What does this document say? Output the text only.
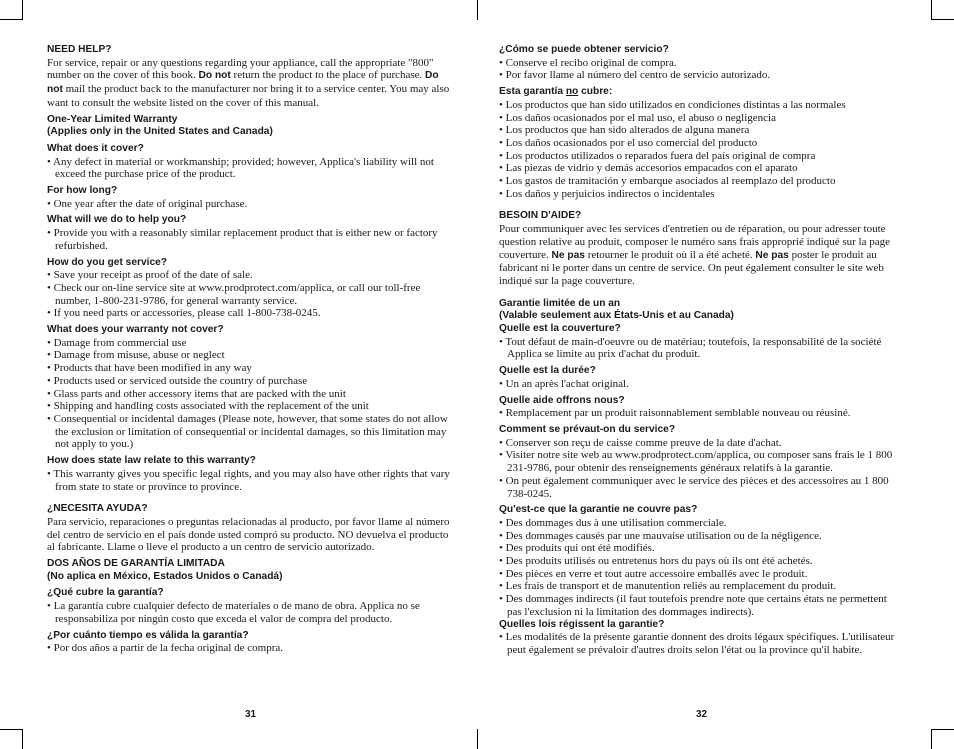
NEED HELP?

For service, repair or any questions regarding your appliance, call the appropriate "800" number on the cover of this book. Do not return the product to the place of purchase. Do not mail the product back to the manufacturer nor bring it to a service center. You may also want to consult the website listed on the cover of this manual.

One-Year Limited Warranty

(Applies only in the United States and Canada)

What does it cover?

• Any defect in material or workmanship; provided; however, Applica's liability will not exceed the purchase price of the product.

For how long?

• One year after the date of original purchase.

What will we do to help you?

• Provide you with a reasonably similar replacement product that is either new or factory refurbished.

How do you get service?

• Save your receipt as proof of the date of sale.

• Check our on-line service site at www.prodprotect.com/applica, or call our toll-free number, 1-800-231-9786, for general warranty service.

• If you need parts or accessories, please call 1-800-738-0245.

What does your warranty not cover?

• Damage from commercial use

• Damage from misuse, abuse or neglect

• Products that have been modified in any way

• Products used or serviced outside the country of purchase

• Glass parts and other accessory items that are packed with the unit

• Shipping and handling costs associated with the replacement of the unit

• Consequential or incidental damages (Please note, however, that some states do not allow the exclusion or limitation of consequential or incidental damages, so this limitation may not apply to you.)

How does state law relate to this warranty?

• This warranty gives you specific legal rights, and you may also have other rights that vary from state to state or province to province.

¿NECESITA AYUDA?

Para servicio, reparaciones o preguntas relacionadas al producto, por favor llame al número del centro de servicio en el país donde usted compró su producto. NO devuelva el producto al fabricante. Llame o lleve el producto a un centro de servicio autorizado.

DOS AÑOS DE GARANTÍA LIMITADA

(No aplica en México, Estados Unidos o Canadá)

¿Qué cubre la garantía?

• La garantía cubre cualquier defecto de materiales o de mano de obra. Applica no se responsabiliza por ningún costo que exceda el valor de compra del producto.

¿Por cuánto tiempo es válida la garantía?

• Por dos años a partir de la fecha original de compra.

¿Cómo se puede obtener servicio?

• Conserve el recibo original de compra.

• Por favor llame al número del centro de servicio autorizado.

Esta garantía no cubre:

• Los productos que han sido utilizados en condiciones distintas a las normales

• Los daños ocasionados por el mal uso, el abuso o negligencia

• Los productos que han sido alterados de alguna manera

• Los daños ocasionados por el uso comercial del producto

• Los productos utilizados o reparados fuera del país original de compra

• Las piezas de vidrio y demás accesorios empacados con el aparato

• Los gastos de tramitación y embarque asociados al reemplazo del producto

• Los daños y perjuicios indirectos o incidentales

BESOIN D'AIDE?

Pour communiquer avec les services d'entretien ou de réparation, ou pour adresser toute question relative au produit, composer le numéro sans frais approprié indiqué sur la page couverture. Ne pas retourner le produit où il a été acheté. Ne pas poster le produit au fabricant ni le porter dans un centre de service. On peut également consulter le site web indiqué sur la page couverture.

Garantie limitée de un an

(Valable seulement aux États-Unis et au Canada)

Quelle est la couverture?

• Tout défaut de main-d'oeuvre ou de matériau; toutefois, la responsabilité de la société Applica se limite au prix d'achat du produit.

Quelle est la durée?

• Un an après l'achat original.

Quelle aide offrons nous?

• Remplacement par un produit raisonnablement semblable nouveau ou réusiné.

Comment se prévaut-on du service?

• Conserver son reçu de caisse comme preuve de la date d'achat.

• Visiter notre site web au www.prodprotect.com/applica, ou composer sans frais le 1 800 231-9786, pour obtenir des renseignements généraux relatifs à la garantie.

• On peut également communiquer avec le service des pièces et des accessoires au 1 800 738-0245.

Qu'est-ce que la garantie ne couvre pas?

• Des dommages dus à une utilisation commerciale.

• Des dommages causés par une mauvaise utilisation ou de la négligence.

• Des produits qui ont été modifiés.

• Des produits utilisés ou entretenus hors du pays où ils ont été achetés.

• Des pièces en verre et tout autre accessoire emballés avec le produit.

• Les frais de transport et de manutention reliés au remplacement du produit.

• Des dommages indirects (il faut toutefois prendre note que certains états ne permettent pas l'exclusion ni la limitation des dommages indirects).

Quelles lois régissent la garantie?

• Les modalités de la présente garantie donnent des droits légaux spécifiques. L'utilisateur peut également se prévaloir d'autres droits selon l'état ou la province qu'il habite.

31	32
